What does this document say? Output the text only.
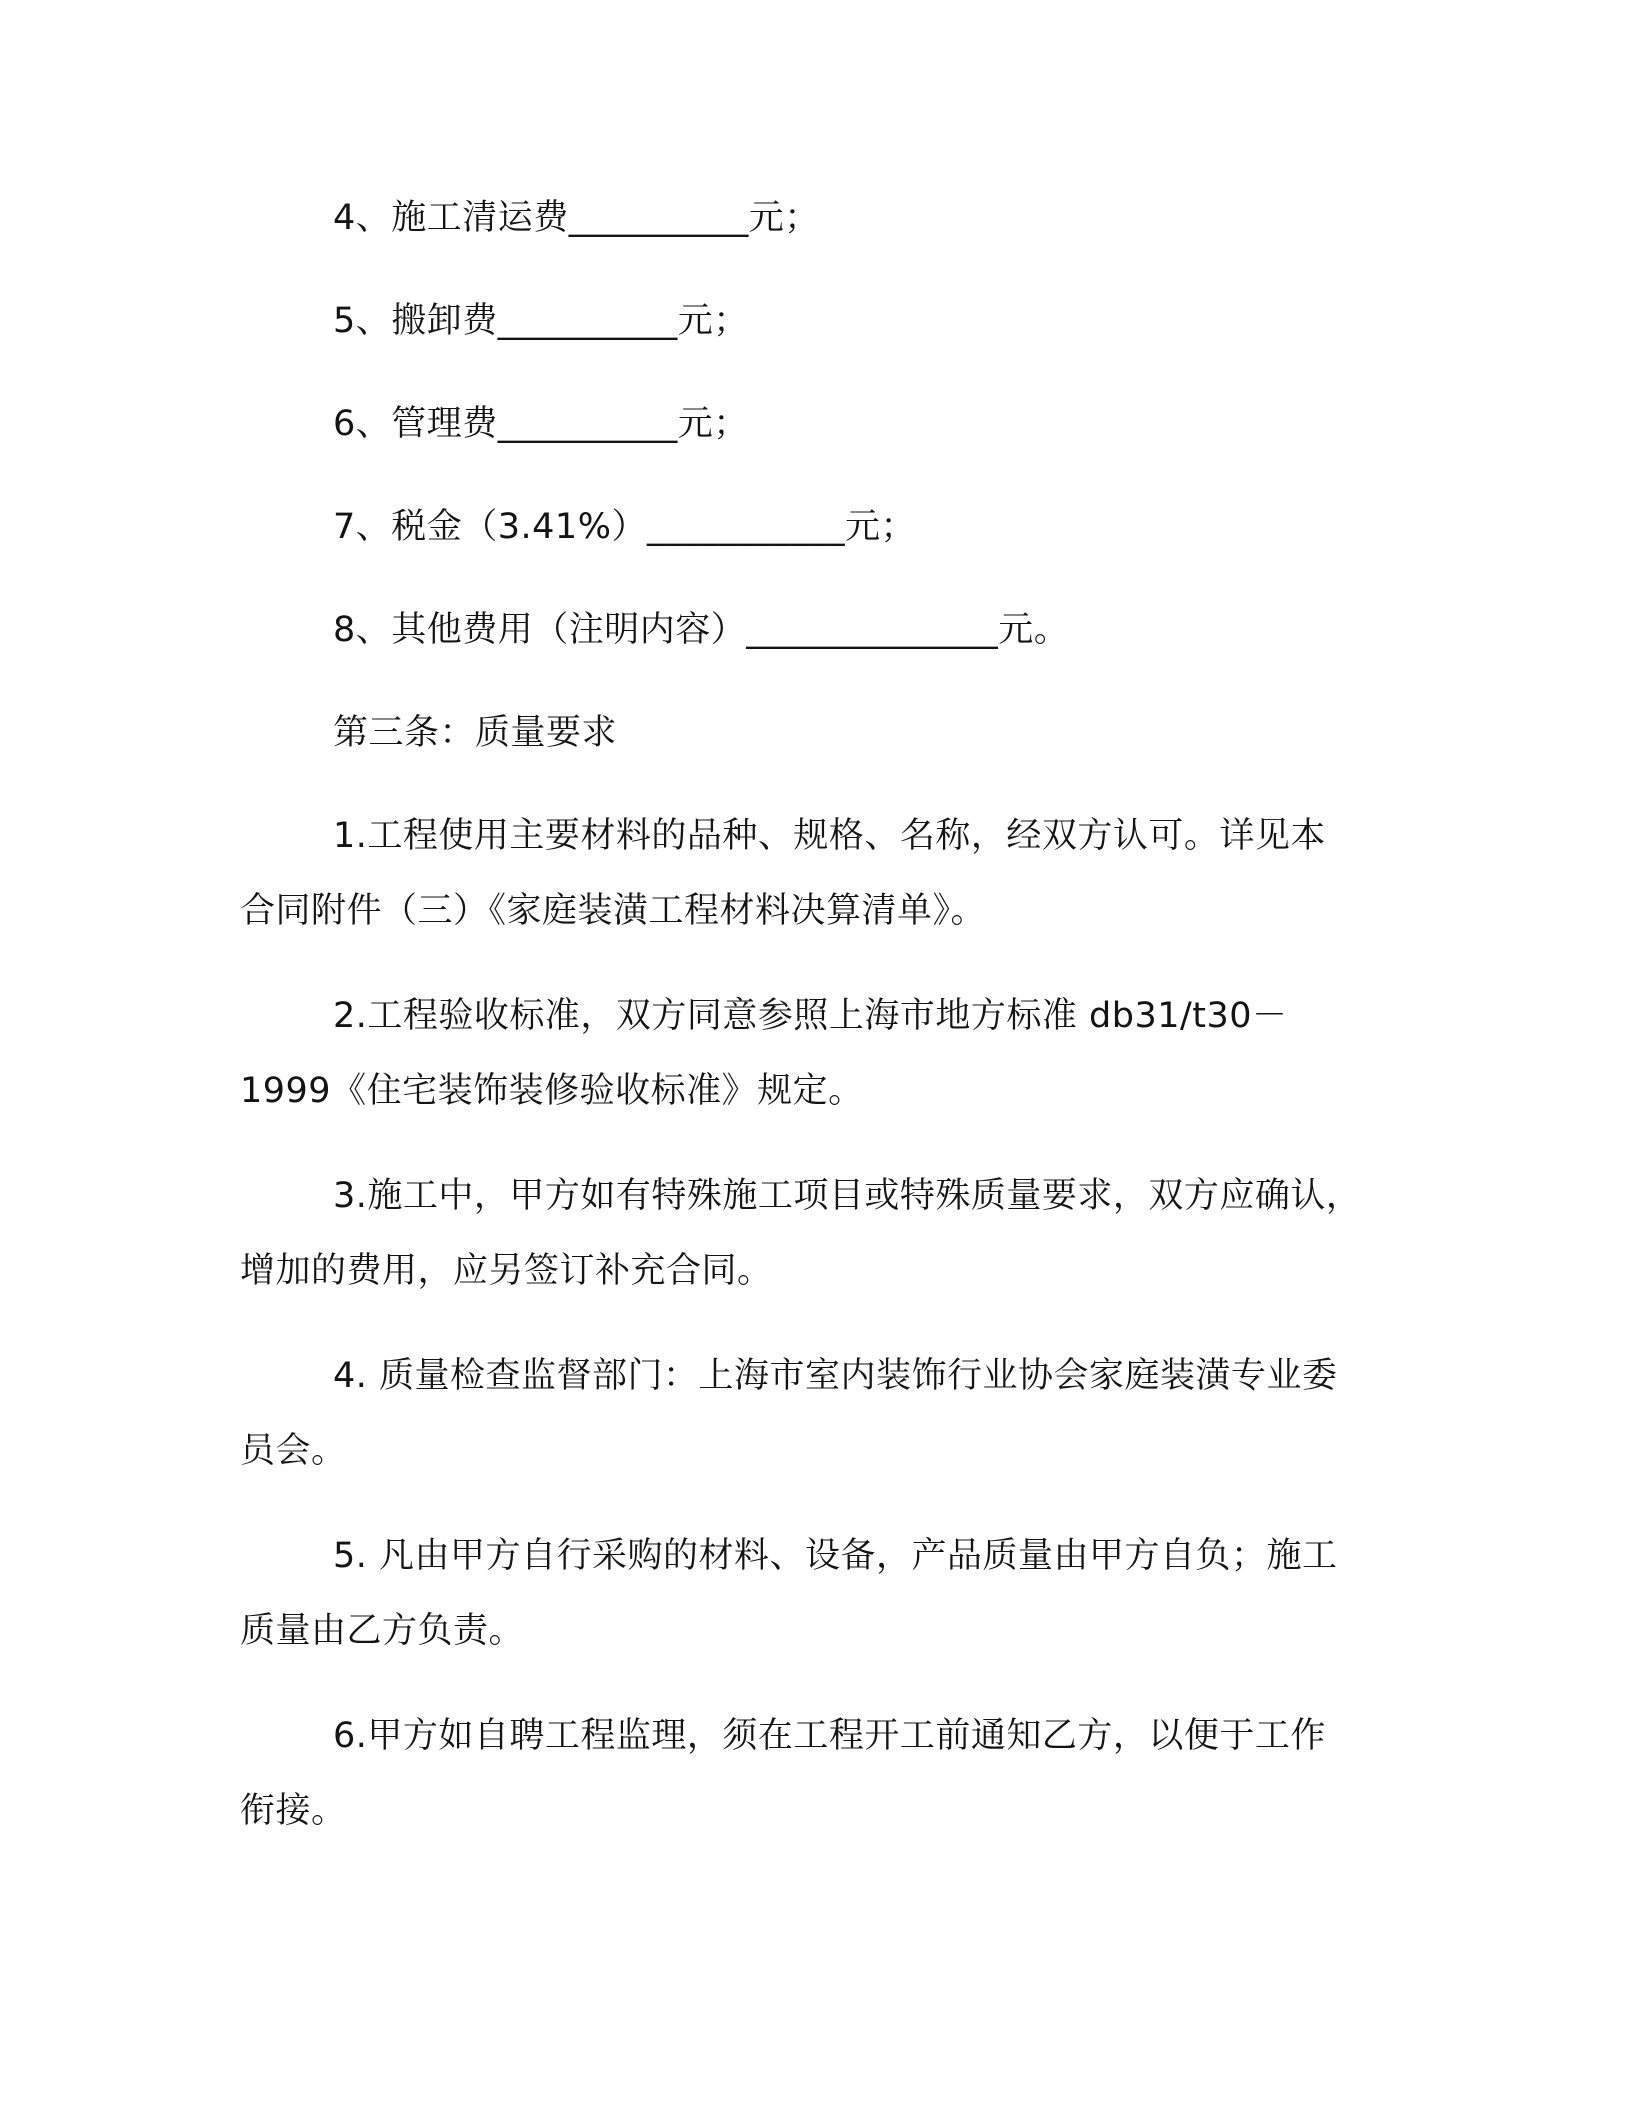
4、施工清运费__________元；
5、搬卸费__________元；
6、管理费__________元；
7、税金（3.41%）___________元；
8、其他费用（注明内容）______________元。
第三条：质量要求
1.工程使用主要材料的品种、规格、名称，经双方认可。详见本
合同附件（三）《家庭装潢工程材料决算清单》。
2.工程验收标准，双方同意参照上海市地方标准 db31/t30－
1999《住宅装饰装修验收标准》规定。
3.施工中，甲方如有特殊施工项目或特殊质量要求，双方应确认，
增加的费用，应另签订补充合同。
4. 质量检查监督部门：上海市室内装饰行业协会家庭装潢专业委
员会。
5. 凡由甲方自行采购的材料、设备，产品质量由甲方自负；施工
质量由乙方负责。
6.甲方如自聘工程监理，须在工程开工前通知乙方，以便于工作
衔接。
